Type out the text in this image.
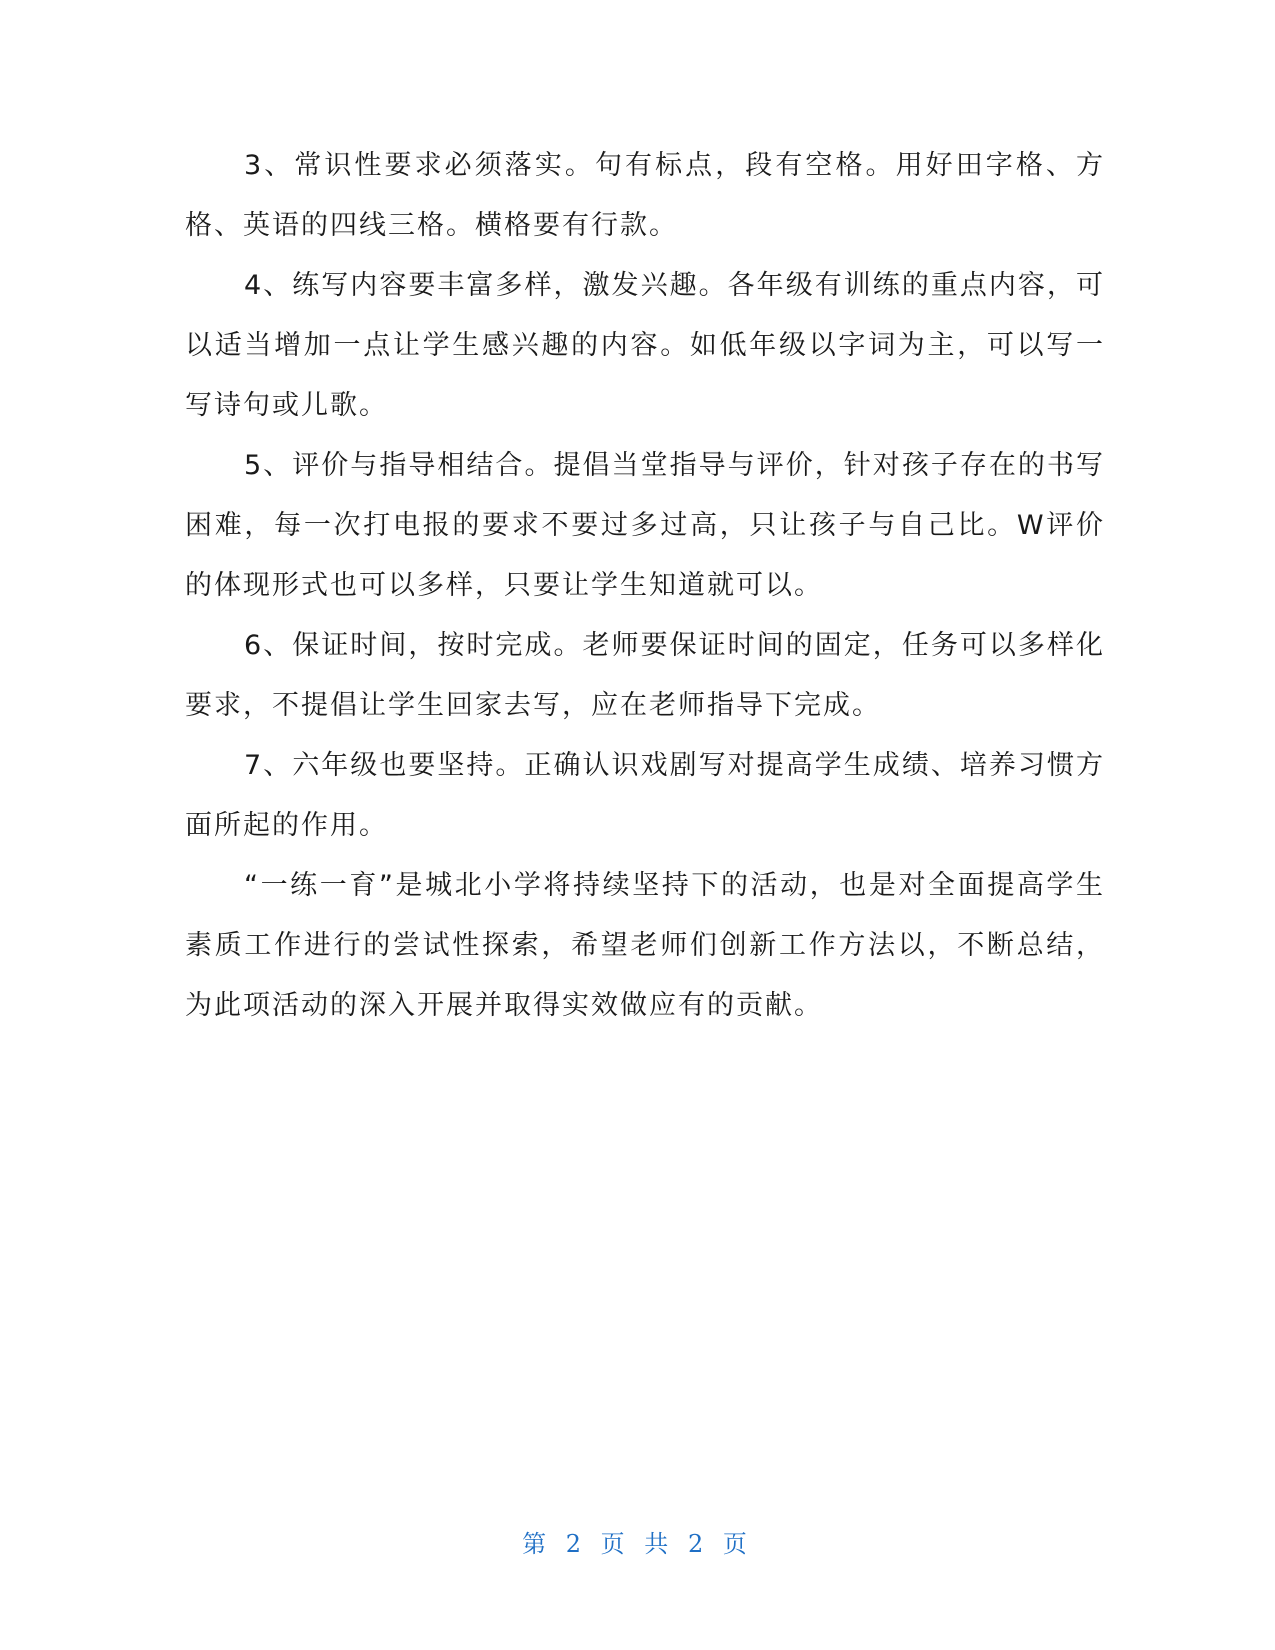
3、常识性要求必须落实。句有标点，段有空格。用好田字格、方格、英语的四线三格。横格要有行款。

4、练写内容要丰富多样，激发兴趣。各年级有训练的重点内容，可以适当增加一点让学生感兴趣的内容。如低年级以字词为主，可以写一写诗句或儿歌。

5、评价与指导相结合。提倡当堂指导与评价，针对孩子存在的书写困难，每一次打电报的要求不要过多过高，只让孩子与自己比。W评价的体现形式也可以多样，只要让学生知道就可以。

6、保证时间，按时完成。老师要保证时间的固定，任务可以多样化要求，不提倡让学生回家去写，应在老师指导下完成。

7、六年级也要坚持。正确认识戏剧写对提高学生成绩、培养习惯方面所起的作用。

“一练一育”是城北小学将持续坚持下的活动，也是对全面提高学生素质工作进行的尝试性探索，希望老师们创新工作方法以，不断总结，为此项活动的深入开展并取得实效做应有的贡献。

第 2 页 共 2 页
